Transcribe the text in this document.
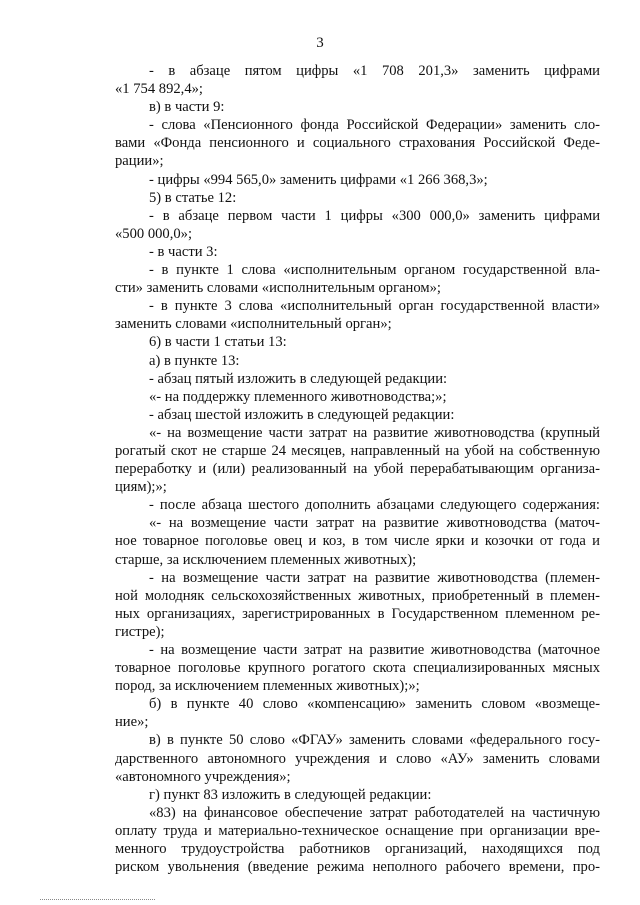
3
- в абзаце пятом цифры «1 708 201,3» заменить цифрами
«1 754 892,4»;
в) в части 9:
- слова «Пенсионного фонда Российской Федерации» заменить сло-
вами «Фонда пенсионного и социального страхования Российской Феде-
рации»;
- цифры «994 565,0» заменить цифрами «1 266 368,3»;
5) в статье 12:
- в абзаце первом части 1 цифры «300 000,0» заменить цифрами
«500 000,0»;
- в части 3:
- в пункте 1 слова «исполнительным органом государственной вла-
сти» заменить словами «исполнительным органом»;
- в пункте 3 слова «исполнительный орган государственной власти»
заменить словами «исполнительный орган»;
6) в части 1 статьи 13:
а) в пункте 13:
- абзац пятый изложить в следующей редакции:
«- на поддержку племенного животноводства;»;
- абзац шестой изложить в следующей редакции:
«- на возмещение части затрат на развитие животноводства (крупный
рогатый скот не старше 24 месяцев, направленный на убой на собственную
переработку и (или) реализованный на убой перерабатывающим организа-
циям);»;
- после абзаца шестого дополнить абзацами следующего содержания:
«- на возмещение части затрат на развитие животноводства (маточ-
ное товарное поголовье овец и коз, в том числе ярки и козочки от года и
старше, за исключением племенных животных);
- на возмещение части затрат на развитие животноводства (племен-
ной молодняк сельскохозяйственных животных, приобретенный в племен-
ных организациях, зарегистрированных в Государственном племенном ре-
гистре);
- на возмещение части затрат на развитие животноводства (маточное
товарное поголовье крупного рогатого скота специализированных мясных
пород, за исключением племенных животных);»;
б) в пункте 40 слово «компенсацию» заменить словом «возмеще-
ние»;
в) в пункте 50 слово «ФГАУ» заменить словами «федерального госу-
дарственного автономного учреждения и слово «АУ» заменить словами
«автономного учреждения»;
г) пункт 83 изложить в следующей редакции:
«83) на финансовое обеспечение затрат работодателей на частичную
оплату труда и материально-техническое оснащение при организации вре-
менного трудоустройства работников организаций, находящихся под
риском увольнения (введение режима неполного рабочего времени, про-
